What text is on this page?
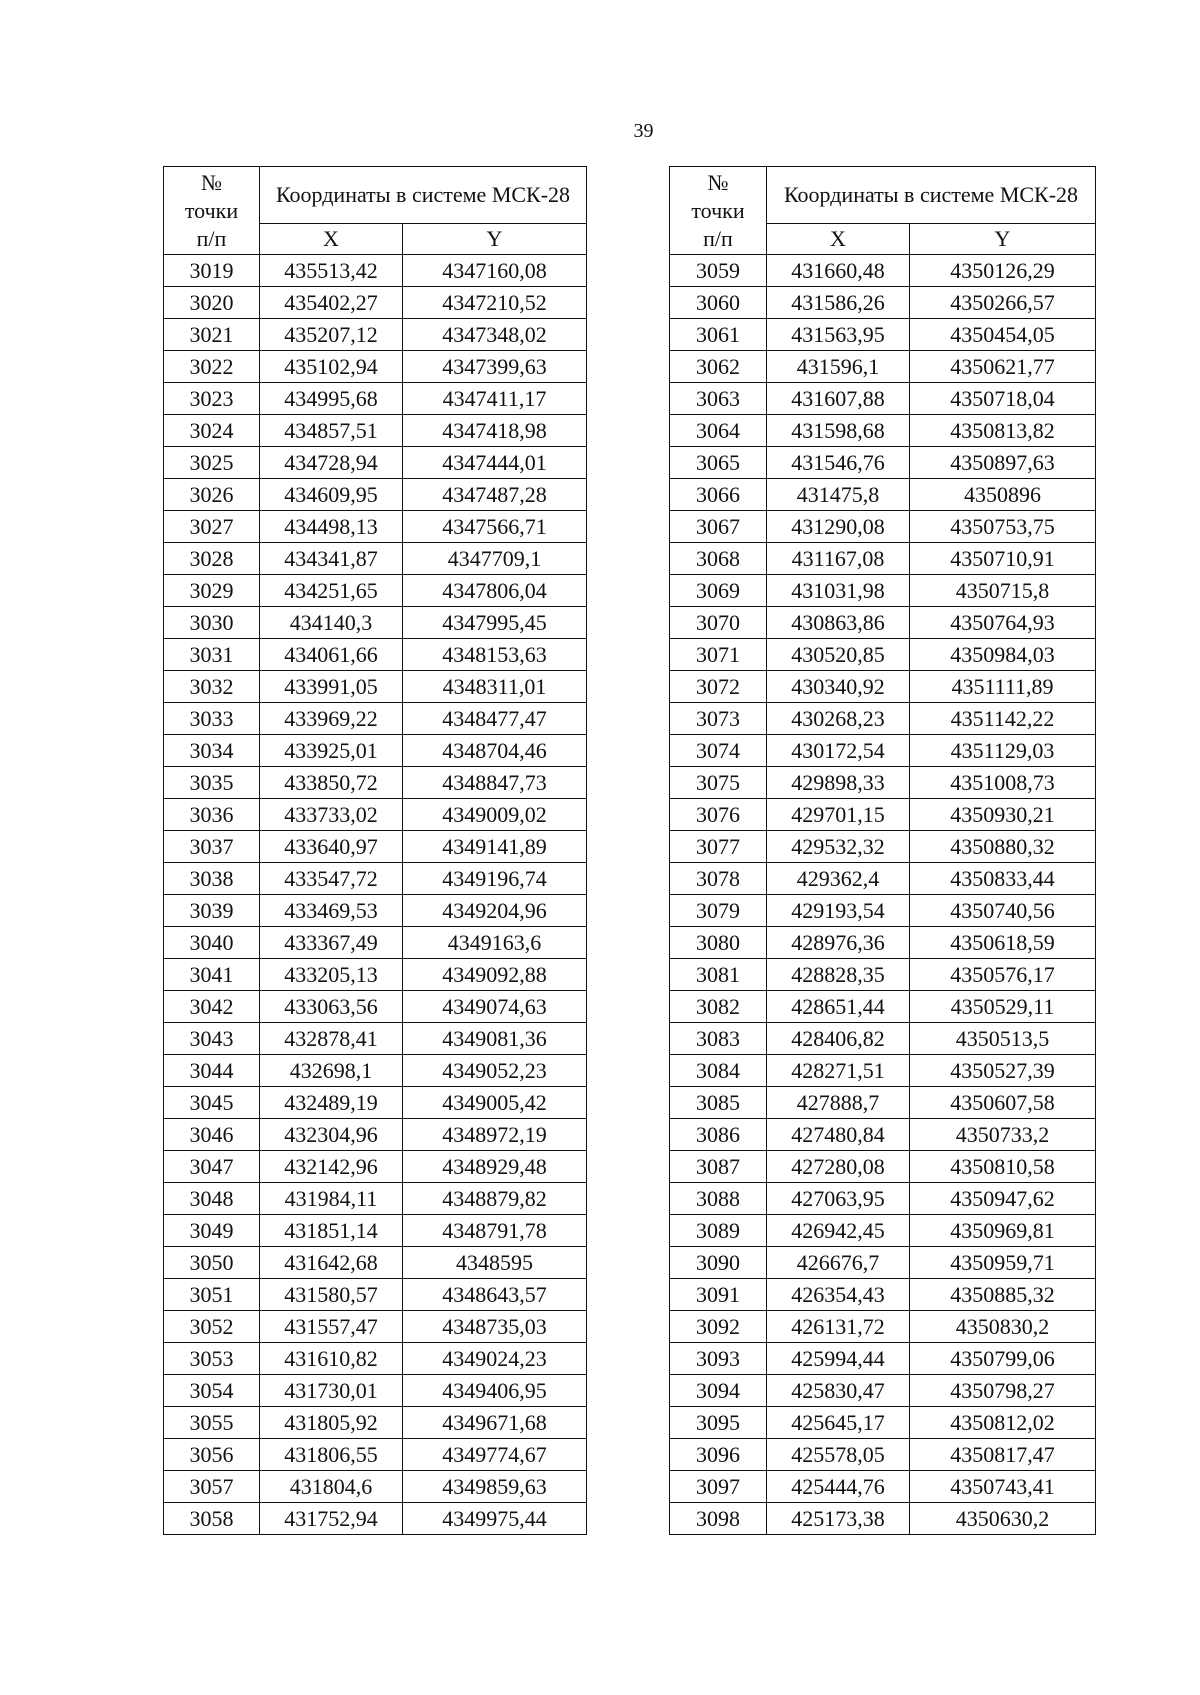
39
№
точки
п/п	Координаты в системе МСК-28	
	X	Y
3019	435513,42	4347160,08
3020	435402,27	4347210,52
3021	435207,12	4347348,02
3022	435102,94	4347399,63
3023	434995,68	4347411,17
3024	434857,51	4347418,98
3025	434728,94	4347444,01
3026	434609,95	4347487,28
3027	434498,13	4347566,71
3028	434341,87	4347709,1
3029	434251,65	4347806,04
3030	434140,3	4347995,45
3031	434061,66	4348153,63
3032	433991,05	4348311,01
3033	433969,22	4348477,47
3034	433925,01	4348704,46
3035	433850,72	4348847,73
3036	433733,02	4349009,02
3037	433640,97	4349141,89
3038	433547,72	4349196,74
3039	433469,53	4349204,96
3040	433367,49	4349163,6
3041	433205,13	4349092,88
3042	433063,56	4349074,63
3043	432878,41	4349081,36
3044	432698,1	4349052,23
3045	432489,19	4349005,42
3046	432304,96	4348972,19
3047	432142,96	4348929,48
3048	431984,11	4348879,82
3049	431851,14	4348791,78
3050	431642,68	4348595
3051	431580,57	4348643,57
3052	431557,47	4348735,03
3053	431610,82	4349024,23
3054	431730,01	4349406,95
3055	431805,92	4349671,68
3056	431806,55	4349774,67
3057	431804,6	4349859,63
3058	431752,94	4349975,44
№
точки
п/п	Координаты в системе МСК-28	
	X	Y
3059	431660,48	4350126,29
3060	431586,26	4350266,57
3061	431563,95	4350454,05
3062	431596,1	4350621,77
3063	431607,88	4350718,04
3064	431598,68	4350813,82
3065	431546,76	4350897,63
3066	431475,8	4350896
3067	431290,08	4350753,75
3068	431167,08	4350710,91
3069	431031,98	4350715,8
3070	430863,86	4350764,93
3071	430520,85	4350984,03
3072	430340,92	4351111,89
3073	430268,23	4351142,22
3074	430172,54	4351129,03
3075	429898,33	4351008,73
3076	429701,15	4350930,21
3077	429532,32	4350880,32
3078	429362,4	4350833,44
3079	429193,54	4350740,56
3080	428976,36	4350618,59
3081	428828,35	4350576,17
3082	428651,44	4350529,11
3083	428406,82	4350513,5
3084	428271,51	4350527,39
3085	427888,7	4350607,58
3086	427480,84	4350733,2
3087	427280,08	4350810,58
3088	427063,95	4350947,62
3089	426942,45	4350969,81
3090	426676,7	4350959,71
3091	426354,43	4350885,32
3092	426131,72	4350830,2
3093	425994,44	4350799,06
3094	425830,47	4350798,27
3095	425645,17	4350812,02
3096	425578,05	4350817,47
3097	425444,76	4350743,41
3098	425173,38	4350630,2
